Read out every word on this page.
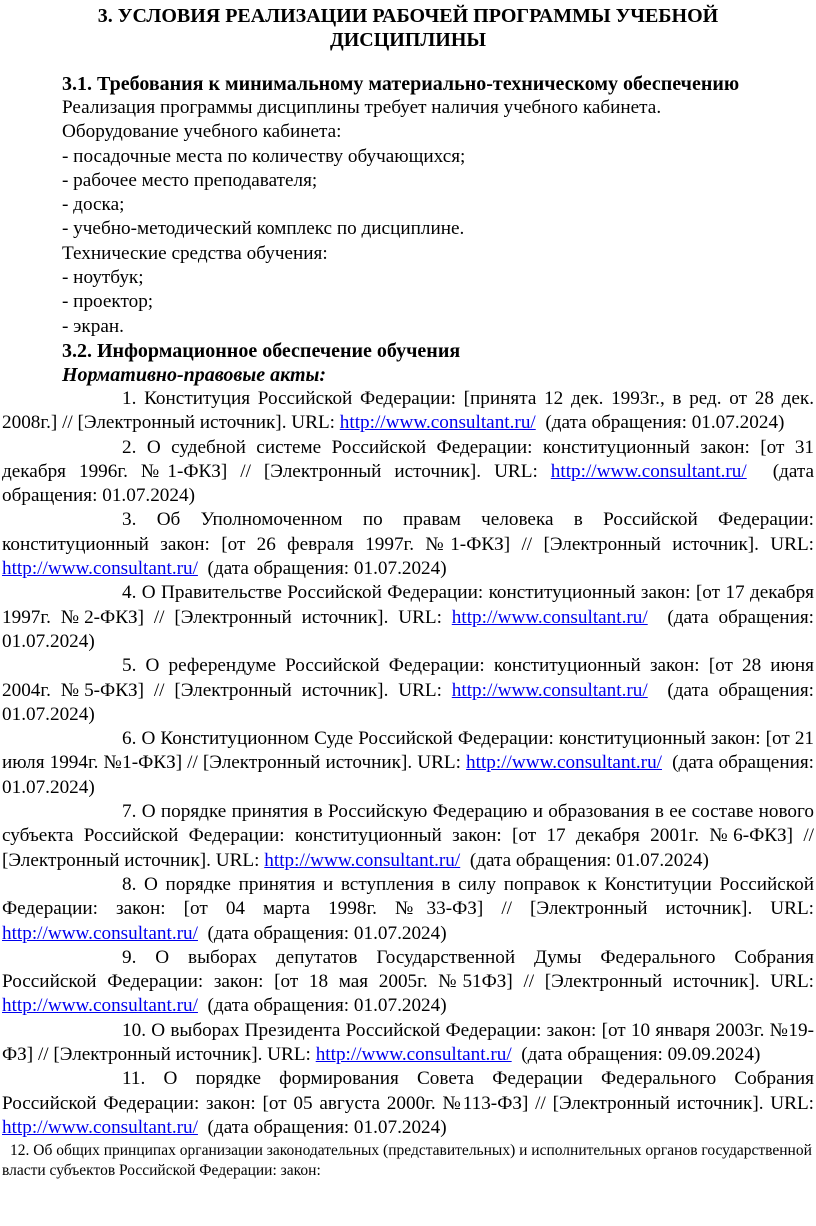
3. УСЛОВИЯ РЕАЛИЗАЦИИ РАБОЧЕЙ ПРОГРАММЫ УЧЕБНОЙ
ДИСЦИПЛИНЫ

3.1. Требования к минимальному материально-техническому обеспечению

Реализация программы дисциплины требует наличия учебного кабинета.

Оборудование учебного кабинета:

- посадочные места по количеству обучающихся;

- рабочее место преподавателя;

- доска;

- учебно-методический комплекс по дисциплине.

Технические средства обучения:

- ноутбук;

- проектор;

- экран.

3.2. Информационное обеспечение обучения

Нормативно-правовые акты:

1. Конституция Российской Федерации: [принята 12 дек. 1993г., в ред. от 28 дек. 2008г.] // [Электронный источник]. URL: http://www.consultant.ru/ (дата обращения: 01.07.2024)

2. О судебной системе Российской Федерации: конституционный закон: [от 31 декабря 1996г. №1-ФКЗ] // [Электронный источник]. URL: http://www.consultant.ru/ (дата обращения: 01.07.2024)

3. Об Уполномоченном по правам человека в Российской Федерации: конституционный закон: [от 26 февраля 1997г. №1-ФКЗ] // [Электронный источник]. URL: http://www.consultant.ru/ (дата обращения: 01.07.2024)

4. О Правительстве Российской Федерации: конституционный закон: [от 17 декабря 1997г. №2-ФКЗ] // [Электронный источник]. URL: http://www.consultant.ru/ (дата обращения: 01.07.2024)

5. О референдуме Российской Федерации: конституционный закон: [от 28 июня 2004г. №5-ФКЗ] // [Электронный источник]. URL: http://www.consultant.ru/ (дата обращения: 01.07.2024)

6. О Конституционном Суде Российской Федерации: конституционный закон: [от 21 июля 1994г. №1-ФКЗ] // [Электронный источник]. URL: http://www.consultant.ru/ (дата обращения: 01.07.2024)

7. О порядке принятия в Российскую Федерацию и образования в ее составе нового субъекта Российской Федерации: конституционный закон: [от 17 декабря 2001г. №6-ФКЗ] // [Электронный источник]. URL: http://www.consultant.ru/ (дата обращения: 01.07.2024)

8. О порядке принятия и вступления в силу поправок к Конституции Российской Федерации: закон: [от 04 марта 1998г. №33-ФЗ] // [Электронный источник]. URL: http://www.consultant.ru/ (дата обращения: 01.07.2024)

9. О выборах депутатов Государственной Думы Федерального Собрания Российской Федерации: закон: [от 18 мая 2005г. №51ФЗ] // [Электронный источник]. URL: http://www.consultant.ru/ (дата обращения: 01.07.2024)

10. О выборах Президента Российской Федерации: закон: [от 10 января 2003г. №19-ФЗ] // [Электронный источник]. URL: http://www.consultant.ru/ (дата обращения: 09.09.2024)

11. О порядке формирования Совета Федерации Федерального Собрания Российской Федерации: закон: [от 05 августа 2000г. №113-ФЗ] // [Электронный источник]. URL: http://www.consultant.ru/ (дата обращения: 01.07.2024)

12. Об общих принципах организации законодательных (представительных) и исполнительных органов государственной власти субъектов Российской Федерации: закон:
